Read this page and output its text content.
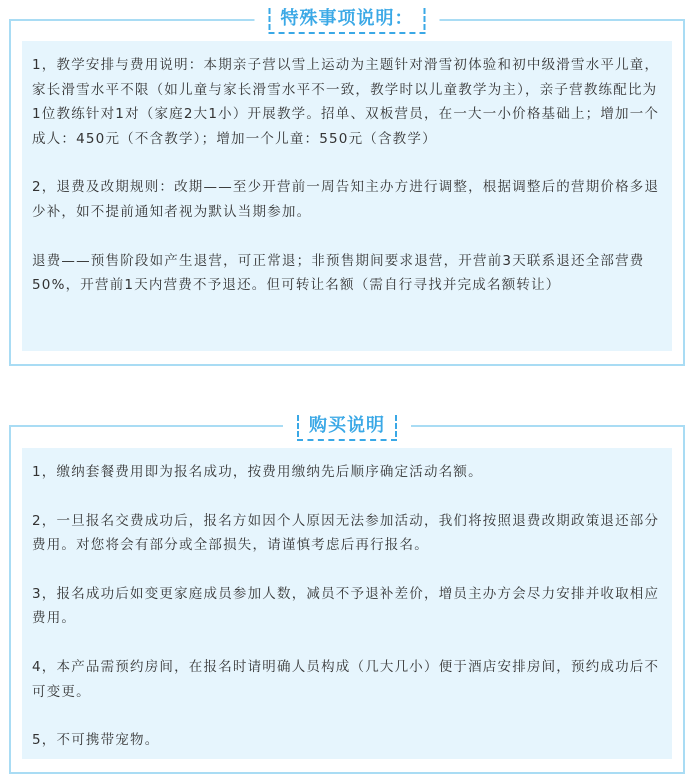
特殊事项说明：

1，教学安排与费用说明：本期亲子营以雪上运动为主题针对滑雪初体验和初中级滑雪水平儿童，家长滑雪水平不限（如儿童与家长滑雪水平不一致，教学时以儿童教学为主），亲子营教练配比为1位教练针对1对（家庭2大1小）开展教学。招单、双板营员，在一大一小价格基础上；增加一个成人：450元（不含教学）；增加一个儿童：550元（含教学）

2，退费及改期规则：改期——至少开营前一周告知主办方进行调整，根据调整后的营期价格多退少补，如不提前通知者视为默认当期参加。

退费——预售阶段如产生退营，可正常退；非预售期间要求退营，开营前3天联系退还全部营费50%，开营前1天内营费不予退还。但可转让名额（需自行寻找并完成名额转让）

购买说明

1，缴纳套餐费用即为报名成功，按费用缴纳先后顺序确定活动名额。

2，一旦报名交费成功后，报名方如因个人原因无法参加活动，我们将按照退费改期政策退还部分费用。对您将会有部分或全部损失，请谨慎考虑后再行报名。

3，报名成功后如变更家庭成员参加人数，减员不予退补差价，增员主办方会尽力安排并收取相应费用。

4，本产品需预约房间，在报名时请明确人员构成（几大几小）便于酒店安排房间，预约成功后不可变更。

5，不可携带宠物。
